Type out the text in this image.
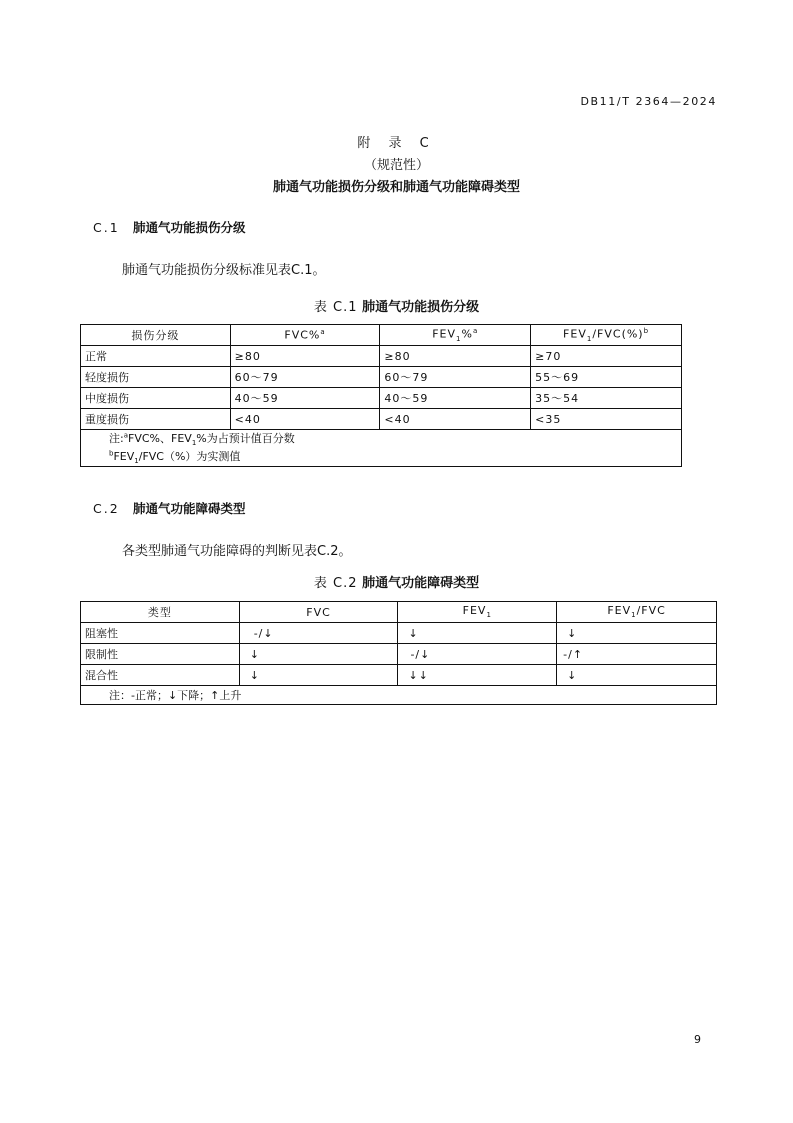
DB11/T 2364—2024
附 录 C
（规范性）
肺通气功能损伤分级和肺通气功能障碍类型
C.1 肺通气功能损伤分级
肺通气功能损伤分级标准见表C.1。
表 C.1 肺通气功能损伤分级
损伤分级	FVC%$^a$	$FEV_1\%^a$	$FEV_1/FVC(\%)^b$
正常	≥80	≥80	≥70
轻度损伤	60～79	60～79	55～69
中度损伤	40～59	40～59	35～54
重度损伤	<40	<40	<35
注:$^a$FVC%、$FEV_1\%$为占预计值百分数			
$^bFEV_1/FVC(\%)$为实测值			
C.2 肺通气功能障碍类型
各类型肺通气功能障碍的判断见表C.2。
表 C.2 肺通气功能障碍类型
类型	FVC	$FEV_1$	$FEV_1$/FVC
阻塞性	-/↓	↓	↓
限制性	↓	-/↓	-/↑
混合性	↓	↓↓	↓
注：-正常；↓下降；↑上升			
9
